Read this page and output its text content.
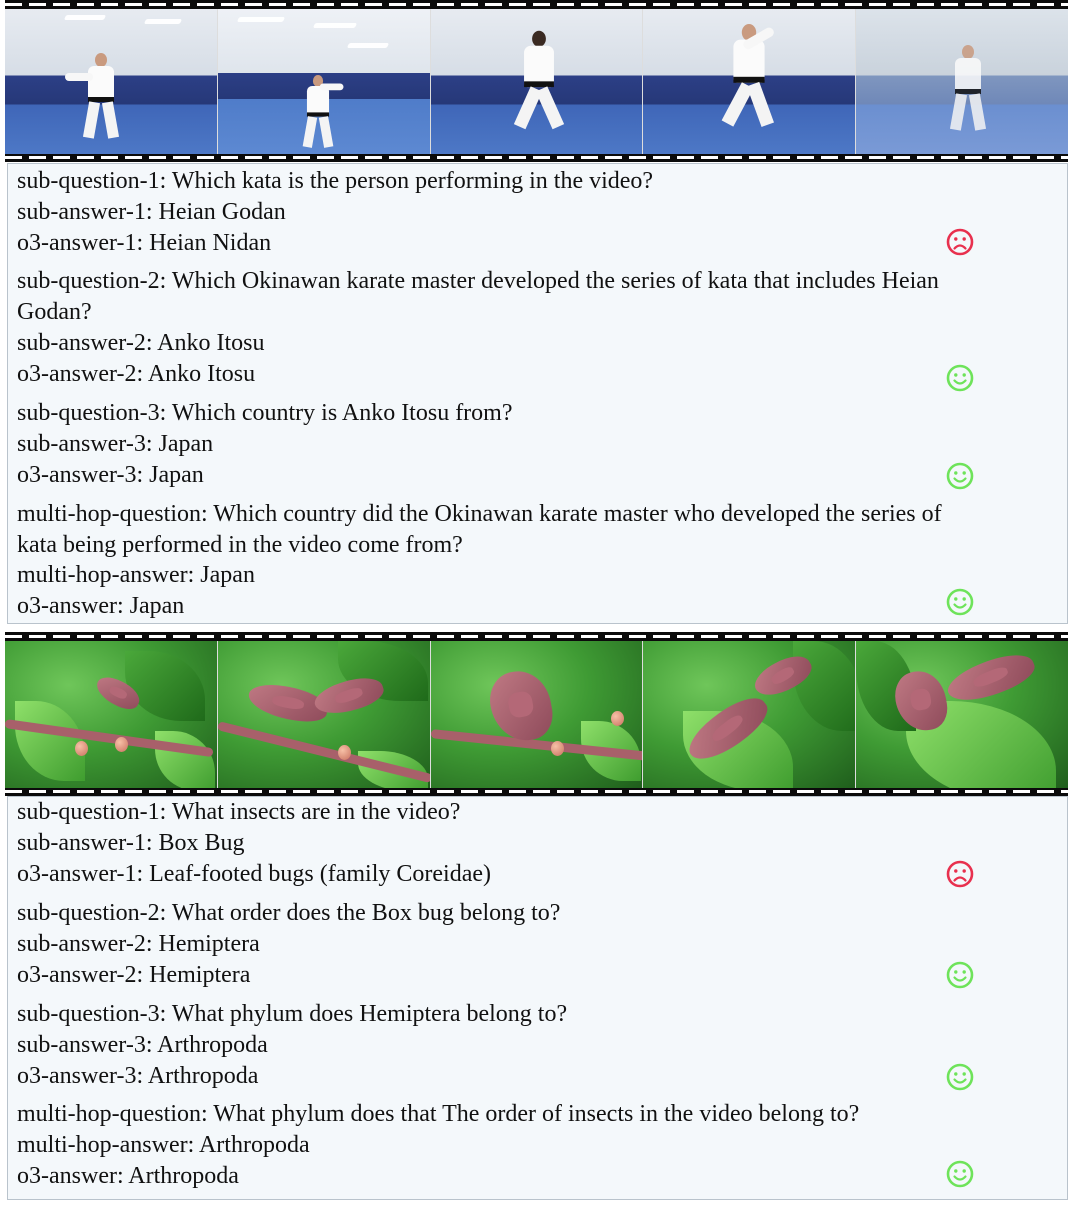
sub-question-1: Which kata is the person performing in the video?
sub-answer-1: Heian Godan
o3-answer-1: Heian Nidan
sub-question-2: Which Okinawan karate master developed the series of kata that includes Heian Godan?
sub-answer-2: Anko Itosu
o3-answer-2: Anko Itosu
sub-question-3: Which country is Anko Itosu from?
sub-answer-3: Japan
o3-answer-3: Japan
multi-hop-question: Which country did the Okinawan karate master who developed the series of kata being performed in the video come from?
multi-hop-answer: Japan
o3-answer: Japan
sub-question-1: What insects are in the video?
sub-answer-1: Box Bug
o3-answer-1: Leaf-footed bugs (family Coreidae)
sub-question-2: What order does the Box bug belong to?
sub-answer-2: Hemiptera
o3-answer-2: Hemiptera
sub-question-3: What phylum does Hemiptera belong to?
sub-answer-3: Arthropoda
o3-answer-3: Arthropoda
multi-hop-question: What phylum does that The order of insects in the video belong to?
multi-hop-answer: Arthropoda
o3-answer: Arthropoda
